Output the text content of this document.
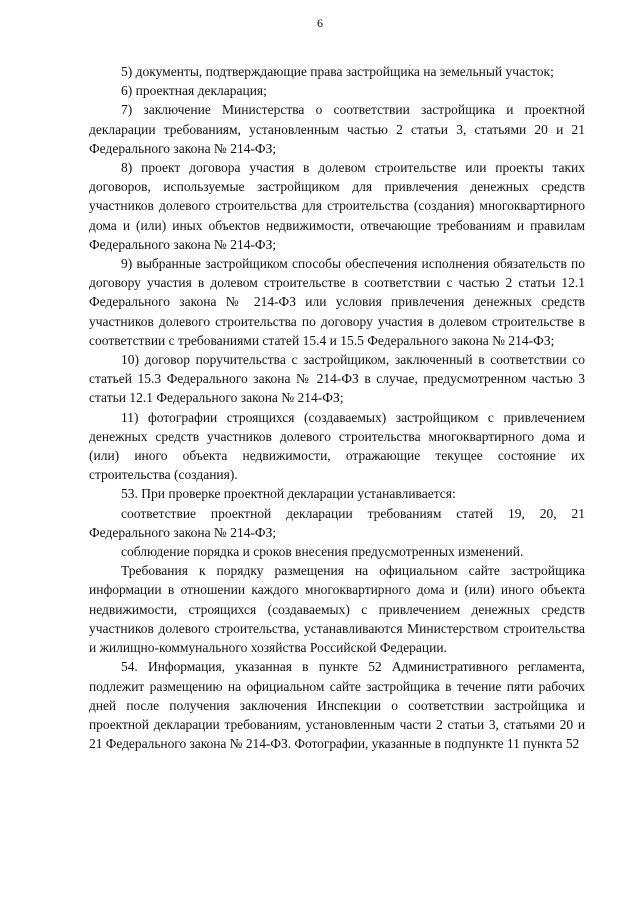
6

5) документы, подтверждающие права застройщика на земельный участок;

6) проектная декларация;

7) заключение Министерства о соответствии застройщика и проектной декларации требованиям, установленным частью 2 статьи 3, статьями 20 и 21 Федерального закона № 214-ФЗ;

8) проект договора участия в долевом строительстве или проекты таких договоров, используемые застройщиком для привлечения денежных средств участников долевого строительства для строительства (создания) многоквартирного дома и (или) иных объектов недвижимости, отвечающие требованиям и правилам Федерального закона № 214-ФЗ;

9) выбранные застройщиком способы обеспечения исполнения обязательств по договору участия в долевом строительстве в соответствии с частью 2 статьи 12.1 Федерального закона № 214-ФЗ или условия привлечения денежных средств участников долевого строительства по договору участия в долевом строительстве в соответствии с требованиями статей 15.4 и 15.5 Федерального закона № 214-ФЗ;

10) договор поручительства с застройщиком, заключенный в соответствии со статьей 15.3 Федерального закона № 214-ФЗ в случае, предусмотренном частью 3 статьи 12.1 Федерального закона № 214-ФЗ;

11) фотографии строящихся (создаваемых) застройщиком с привлечением денежных средств участников долевого строительства многоквартирного дома и (или) иного объекта недвижимости, отражающие текущее состояние их строительства (создания).

53. При проверке проектной декларации устанавливается:

соответствие проектной декларации требованиям статей 19, 20, 21 Федерального закона № 214-ФЗ;

соблюдение порядка и сроков внесения предусмотренных изменений.

Требования к порядку размещения на официальном сайте застройщика информации в отношении каждого многоквартирного дома и (или) иного объекта недвижимости, строящихся (создаваемых) с привлечением денежных средств участников долевого строительства, устанавливаются Министерством строительства и жилищно-коммунального хозяйства Российской Федерации.

54. Информация, указанная в пункте 52 Административного регламента, подлежит размещению на официальном сайте застройщика в течение пяти рабочих дней после получения заключения Инспекции о соответствии застройщика и проектной декларации требованиям, установленным части 2 статьи 3, статьями 20 и 21 Федерального закона № 214-ФЗ. Фотографии, указанные в подпункте 11 пункта 52
